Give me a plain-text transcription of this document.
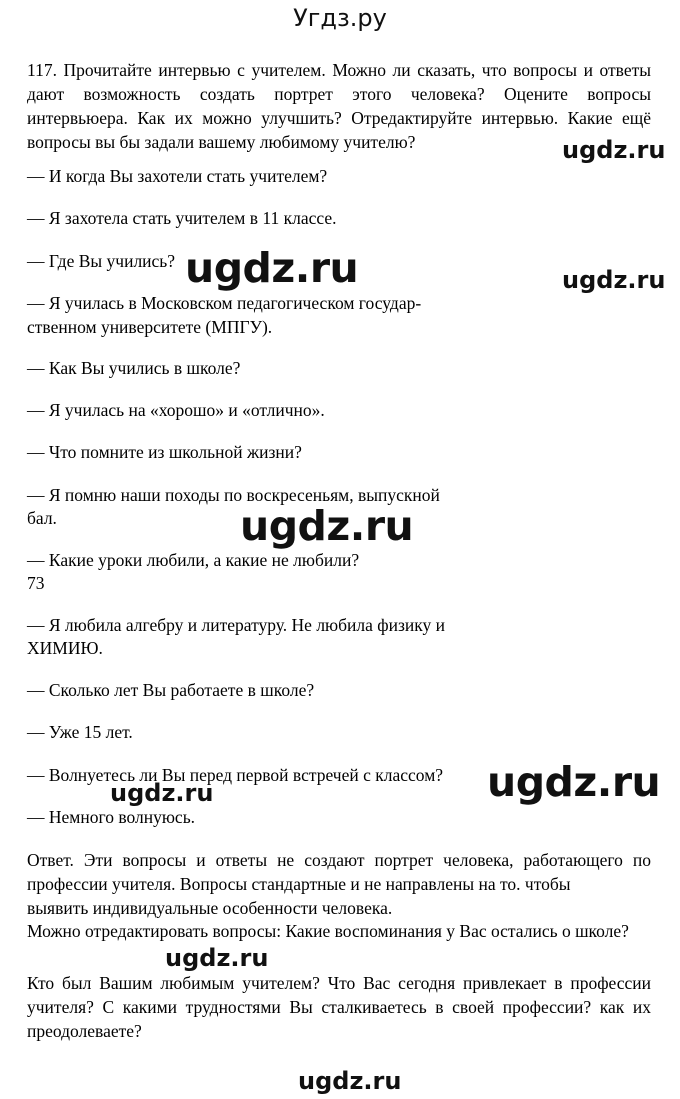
Угдз.ру
117. Прочитайте интервью с учителем. Можно ли сказать, что вопросы и ответы дают возможность создать портрет этого человека? Оцените вопросы интервьюера. Как их можно улучшить? Отредактируйте интервью. Какие ещё вопросы вы бы задали вашему любимому учителю?
— И когда Вы захотели стать учителем?
— Я захотела стать учителем в 11 классе.
— Где Вы учились?
— Я училась в Московском педагогическом государ-
ственном университете (МПГУ).
— Как Вы учились в школе?
— Я училась на «хорошо» и «отлично».
— Что помните из школьной жизни?
— Я помню наши походы по воскресеньям, выпускной
бал.
— Какие уроки любили, а какие не любили?
73
— Я любила алгебру и литературу. Не любила физику и
ХИМИЮ.
— Сколько лет Вы работаете в школе?
— Уже 15 лет.
— Волнуетесь ли Вы перед первой встречей с классом?
— Немного волнуюсь.
Ответ. Эти вопросы и ответы не создают портрет человека, работающего по профессии учителя. Вопросы стандартные и не направлены на то. чтобы
выявить индивидуальные особенности человека.
Можно отредактировать вопросы: Какие воспоминания у Вас остались о школе?
Кто был Вашим любимым учителем? Что Вас сегодня привлекает в профессии учителя? С какими трудностями Вы сталкиваетесь в своей профессии? как их преодолеваете?
ugdz.ru
ugdz.ru	ugdz.ru
ugdz.ru
ugdz.ru
ugdz.ru
ugdz.ru
ugdz.ru
